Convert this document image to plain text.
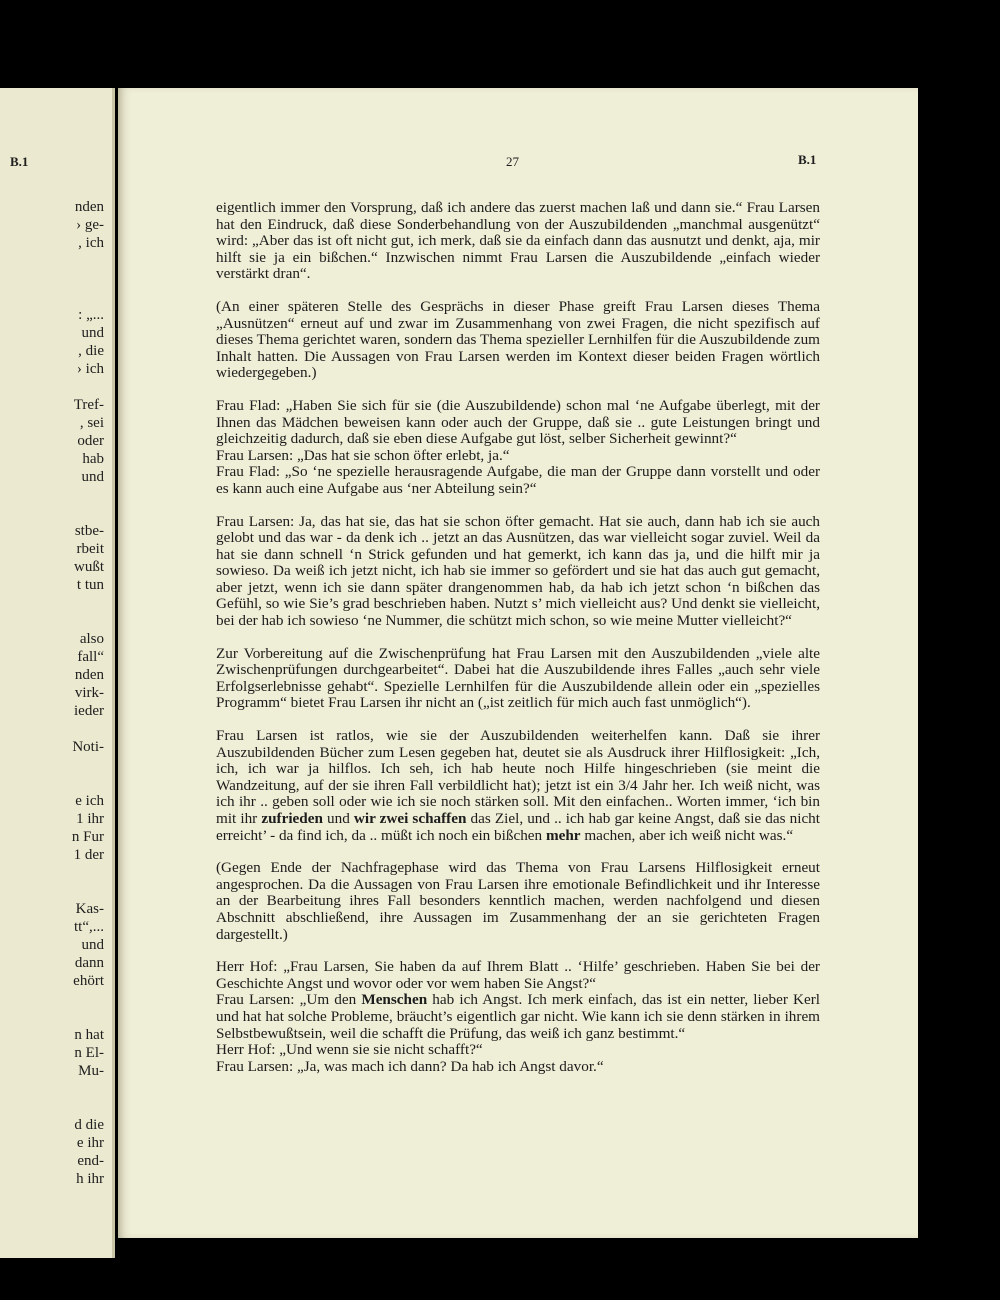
B.1
nden
› ge-
, ich
: „...
und
, die
› ich
Tref-
, sei
oder
hab
und
stbe-
rbeit
wußt
t tun
also
fall“
nden
virk-
ieder
Noti-
e ich
1 ihr
n Fur
1 der
Kas-
tt“,...
und
dann
ehört
n hat
n El-
Mu-
d die
e ihr
end-
h ihr
27	B.1

eigentlich immer den Vorsprung, daß ich andere das zuerst machen laß und dann sie.“ Frau Larsen hat den Eindruck, daß diese Sonderbehandlung von der Auszubildenden „manchmal ausgenützt“ wird: „Aber das ist oft nicht gut, ich merk, daß sie da einfach dann das ausnutzt und denkt, aja, mir hilft sie ja ein bißchen.“ Inzwischen nimmt Frau Larsen die Auszubildende „einfach wieder verstärkt dran“.

(An einer späteren Stelle des Gesprächs in dieser Phase greift Frau Larsen dieses Thema „Ausnützen“ erneut auf und zwar im Zusammenhang von zwei Fragen, die nicht spezifisch auf dieses Thema gerichtet waren, sondern das Thema spezieller Lernhilfen für die Auszubildende zum Inhalt hatten. Die Aussagen von Frau Larsen werden im Kontext dieser beiden Fragen wörtlich wiedergegeben.)

Frau Flad: „Haben Sie sich für sie (die Auszubildende) schon mal ‘ne Aufgabe überlegt, mit der Ihnen das Mädchen beweisen kann oder auch der Gruppe, daß sie .. gute Leistungen bringt und gleichzeitig dadurch, daß sie eben diese Aufgabe gut löst, selber Sicherheit gewinnt?“

Frau Larsen: „Das hat sie schon öfter erlebt, ja.“

Frau Flad: „So ‘ne spezielle herausragende Aufgabe, die man der Gruppe dann vorstellt und oder es kann auch eine Aufgabe aus ‘ner Abteilung sein?“

Frau Larsen: Ja, das hat sie, das hat sie schon öfter gemacht. Hat sie auch, dann hab ich sie auch gelobt und das war - da denk ich .. jetzt an das Ausnützen, das war vielleicht sogar zuviel. Weil da hat sie dann schnell ‘n Strick gefunden und hat gemerkt, ich kann das ja, und die hilft mir ja sowieso. Da weiß ich jetzt nicht, ich hab sie immer so gefördert und sie hat das auch gut gemacht, aber jetzt, wenn ich sie dann später drangenommen hab, da hab ich jetzt schon ‘n bißchen das Gefühl, so wie Sie’s grad beschrieben haben. Nutzt s’ mich vielleicht aus? Und denkt sie vielleicht, bei der hab ich sowieso ‘ne Nummer, die schützt mich schon, so wie meine Mutter vielleicht?“

Zur Vorbereitung auf die Zwischenprüfung hat Frau Larsen mit den Auszubildenden „viele alte Zwischenprüfungen durchgearbeitet“. Dabei hat die Auszubildende ihres Falles „auch sehr viele Erfolgserlebnisse gehabt“. Spezielle Lernhilfen für die Auszubildende allein oder ein „spezielles Programm“ bietet Frau Larsen ihr nicht an („ist zeitlich für mich auch fast unmöglich“).

Frau Larsen ist ratlos, wie sie der Auszubildenden weiterhelfen kann. Daß sie ihrer Auszubildenden Bücher zum Lesen gegeben hat, deutet sie als Ausdruck ihrer Hilflosigkeit: „Ich, ich, ich war ja hilflos. Ich seh, ich hab heute noch Hilfe hingeschrieben (sie meint die Wandzeitung, auf der sie ihren Fall verbildlicht hat); jetzt ist ein 3/4 Jahr her. Ich weiß nicht, was ich ihr .. geben soll oder wie ich sie noch stärken soll. Mit den einfachen.. Worten immer, ‘ich bin mit ihr zufrieden und wir zwei schaffen das Ziel, und .. ich hab gar keine Angst, daß sie das nicht erreicht’ - da find ich, da .. müßt ich noch ein bißchen mehr machen, aber ich weiß nicht was.“

(Gegen Ende der Nachfragephase wird das Thema von Frau Larsens Hilflosigkeit erneut angesprochen. Da die Aussagen von Frau Larsen ihre emotionale Befindlichkeit und ihr Interesse an der Bearbeitung ihres Fall besonders kenntlich machen, werden nachfolgend und diesen Abschnitt abschließend, ihre Aussagen im Zusammenhang der an sie gerichteten Fragen dargestellt.)

Herr Hof: „Frau Larsen, Sie haben da auf Ihrem Blatt .. ‘Hilfe’ geschrieben. Haben Sie bei der Geschichte Angst und wovor oder vor wem haben Sie Angst?“

Frau Larsen: „Um den Menschen hab ich Angst. Ich merk einfach, das ist ein netter, lieber Kerl und hat hat solche Probleme, bräucht’s eigentlich gar nicht. Wie kann ich sie denn stärken in ihrem Selbstbewußtsein, weil die schafft die Prüfung, das weiß ich ganz bestimmt.“

Herr Hof: „Und wenn sie sie nicht schafft?“

Frau Larsen: „Ja, was mach ich dann? Da hab ich Angst davor.“
